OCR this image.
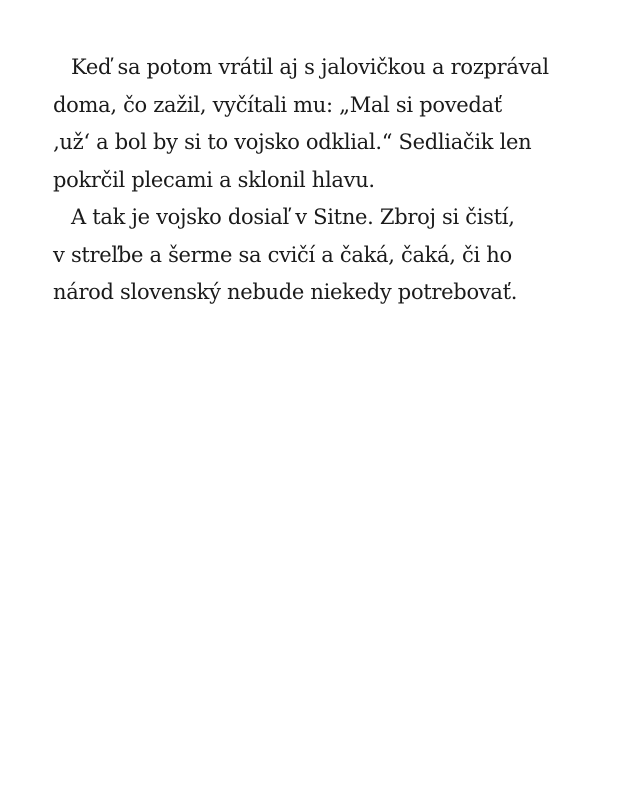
Keď sa potom vrátil aj s jalovičkou a rozprával
doma, čo zažil, vyčítali mu: „Mal si povedať
‚už‘ a bol by si to vojsko odklial.“ Sedliačik len
pokrčil plecami a sklonil hlavu.
A tak je vojsko dosiaľ v Sitne. Zbroj si čistí,
v streľbe a šerme sa cvičí a čaká, čaká, či ho
národ slovenský nebude niekedy potrebovať.
